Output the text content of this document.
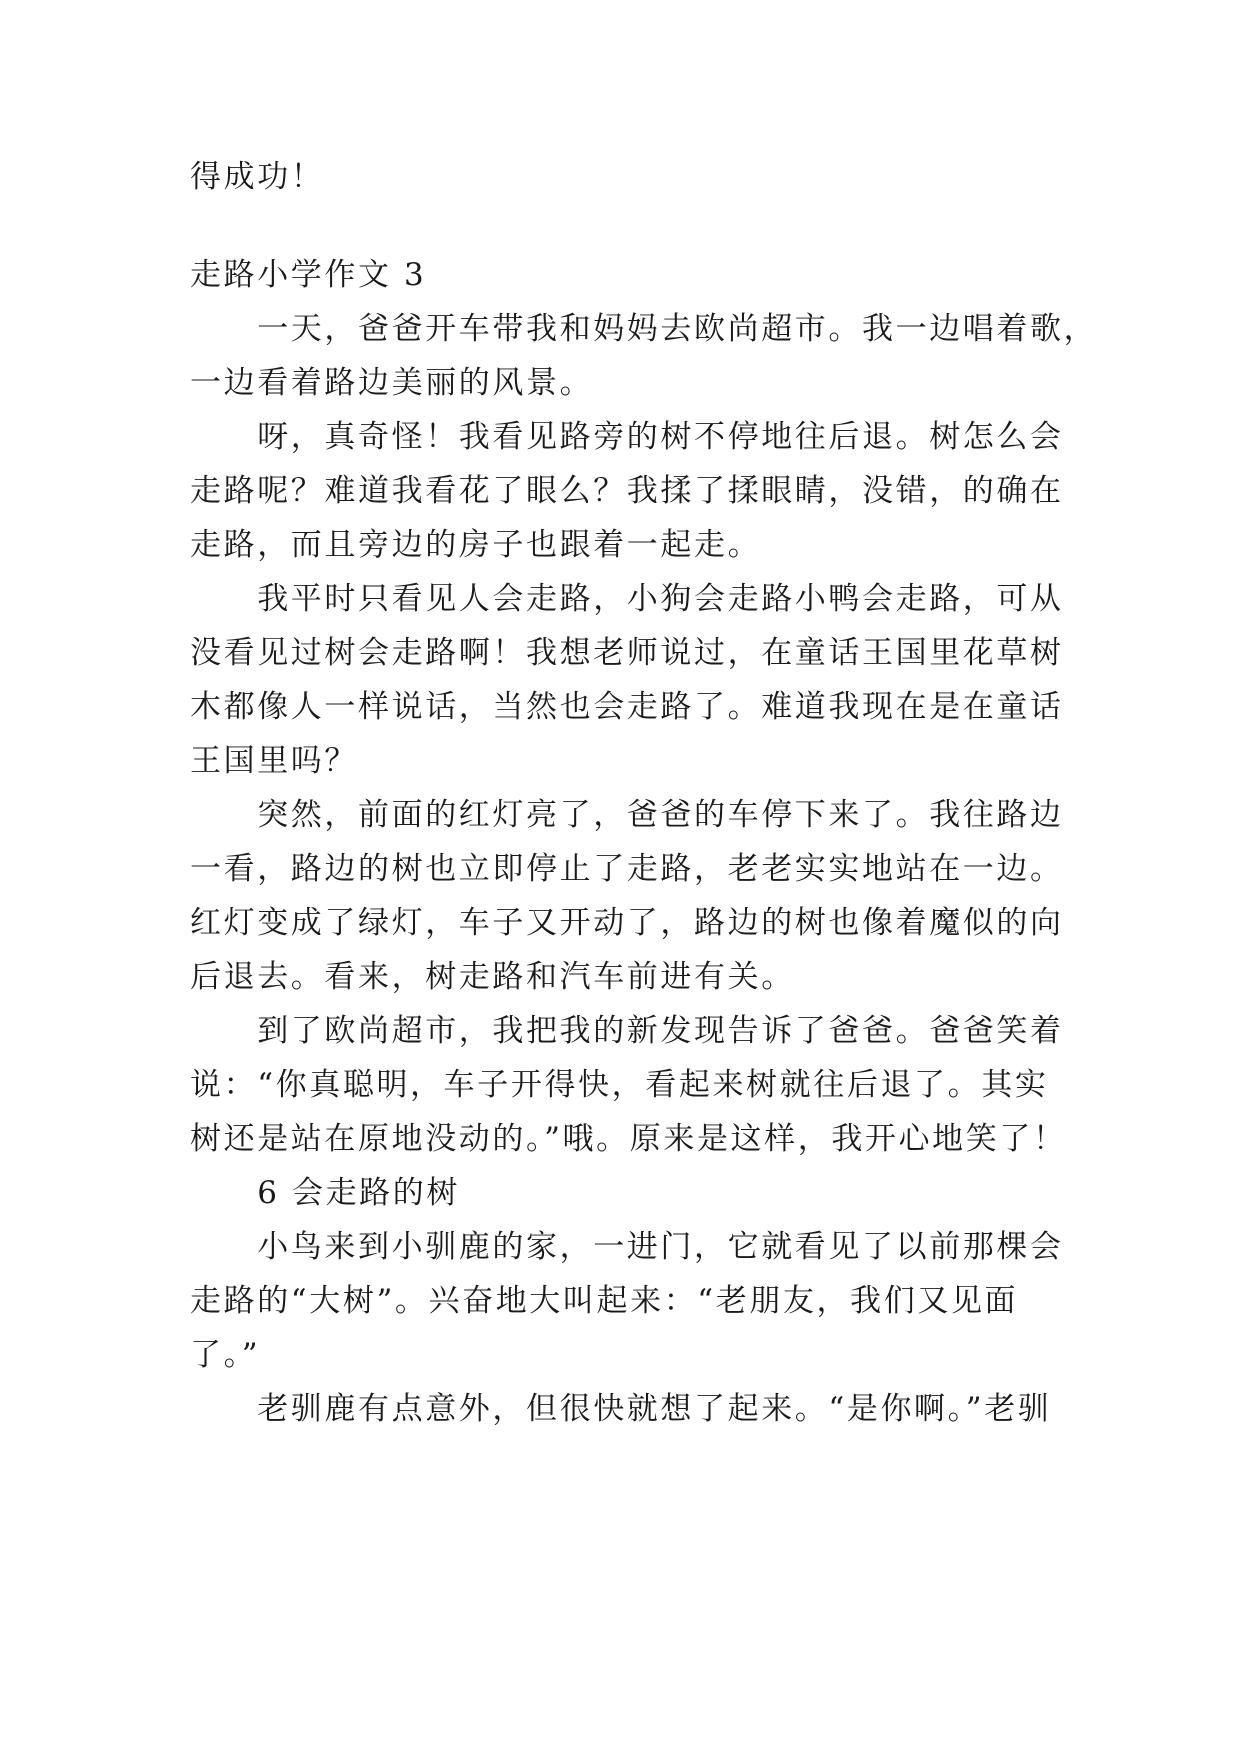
得成功！

走路小学作文 3

　　一天，爸爸开车带我和妈妈去欧尚超市。我一边唱着歌，

一边看着路边美丽的风景。

　　呀，真奇怪！我看见路旁的树不停地往后退。树怎么会

走路呢？难道我看花了眼么？我揉了揉眼睛，没错，的确在

走路，而且旁边的房子也跟着一起走。

　　我平时只看见人会走路，小狗会走路小鸭会走路，可从

没看见过树会走路啊！我想老师说过，在童话王国里花草树

木都像人一样说话，当然也会走路了。难道我现在是在童话

王国里吗？

　　突然，前面的红灯亮了，爸爸的车停下来了。我往路边

一看，路边的树也立即停止了走路，老老实实地站在一边。

红灯变成了绿灯，车子又开动了，路边的树也像着魔似的向

后退去。看来，树走路和汽车前进有关。

　　到了欧尚超市，我把我的新发现告诉了爸爸。爸爸笑着

说：“你真聪明，车子开得快，看起来树就往后退了。其实

树还是站在原地没动的。”哦。原来是这样，我开心地笑了！

　　6 会走路的树

　　小鸟来到小驯鹿的家，一进门，它就看见了以前那棵会

走路的“大树”。兴奋地大叫起来：“老朋友，我们又见面

了。”

　　老驯鹿有点意外，但很快就想了起来。“是你啊。”老驯
